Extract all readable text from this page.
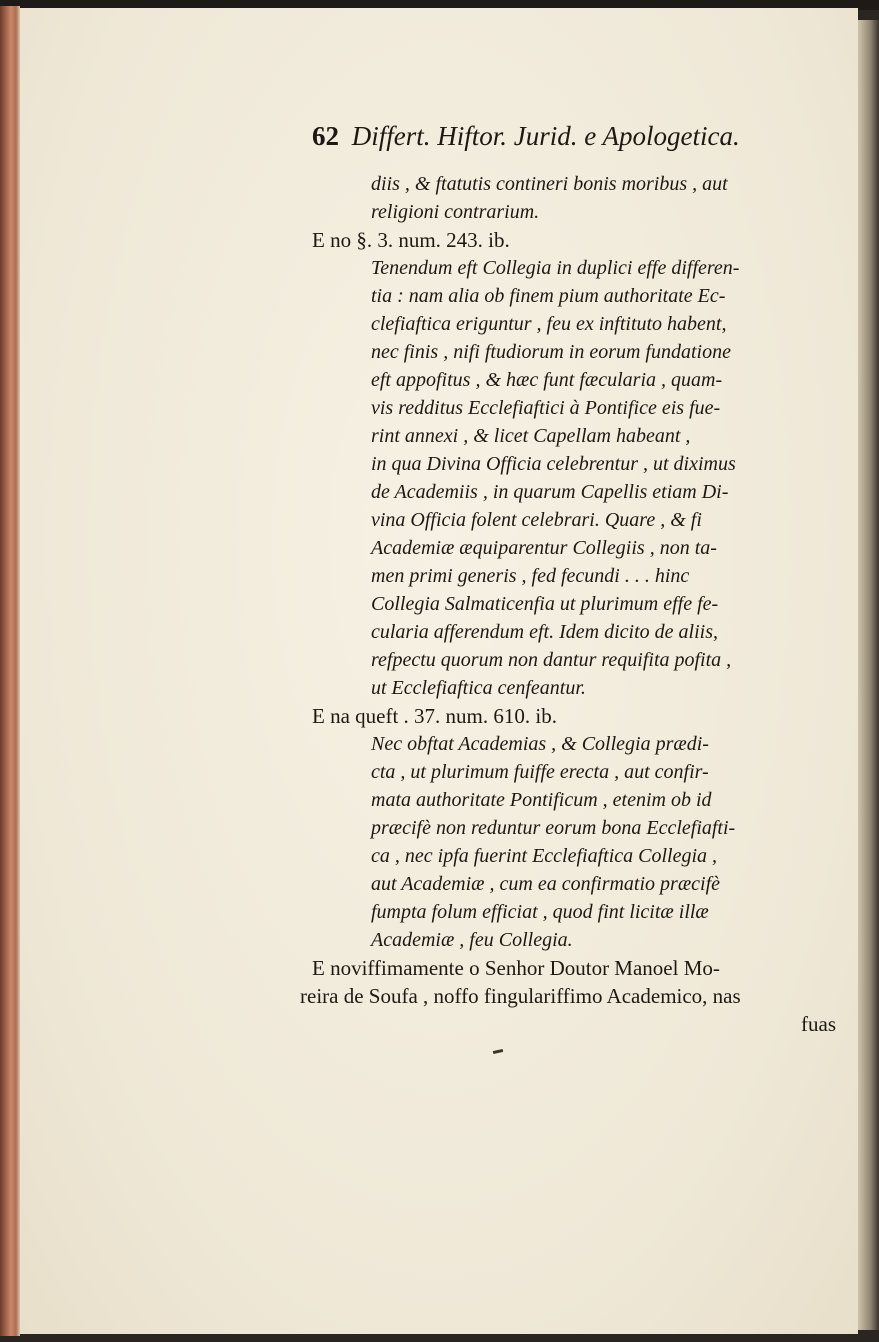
62 Differt. Hiftor. Jurid. e Apologetica.
diis , & ftatutis contineri bonis moribus , aut
religioni contrarium.
E no §. 3. num. 243. ib.
Tenendum eft Collegia in duplici effe differen-
tia : nam alia ob finem pium authoritate Ec-
clefiaftica eriguntur , feu ex inftituto habent,
nec finis , nifi ftudiorum in eorum fundatione
eft appofitus , & hæc funt fæcularia , quam-
vis redditus Ecclefiaftici à Pontifice eis fue-
rint annexi , & licet Capellam habeant ,
in qua Divina Officia celebrentur , ut diximus
de Academiis , in quarum Capellis etiam Di-
vina Officia folent celebrari. Quare , & fi
Academiæ æquiparentur Collegiis , non ta-
men primi generis , fed fecundi . . . hinc
Collegia Salmaticenfia ut plurimum effe fe-
cularia afferendum eft. Idem dicito de aliis,
refpectu quorum non dantur requifita pofita ,
ut Ecclefiaftica cenfeantur.
E na queft . 37. num. 610. ib.
Nec obftat Academias , & Collegia prædi-
cta , ut plurimum fuiffe erecta , aut confir-
mata authoritate Pontificum , etenim ob id
præcifè non reduntur eorum bona Ecclefiafti-
ca , nec ipfa fuerint Ecclefiaftica Collegia ,
aut Academiæ , cum ea confirmatio præcifè
fumpta folum efficiat , quod fint licitæ illæ
Academiæ , feu Collegia.
E noviffimamente o Senhor Doutor Manoel Mo-
reira de Soufa , noffo fingulariffimo Academico, nas
fuas
